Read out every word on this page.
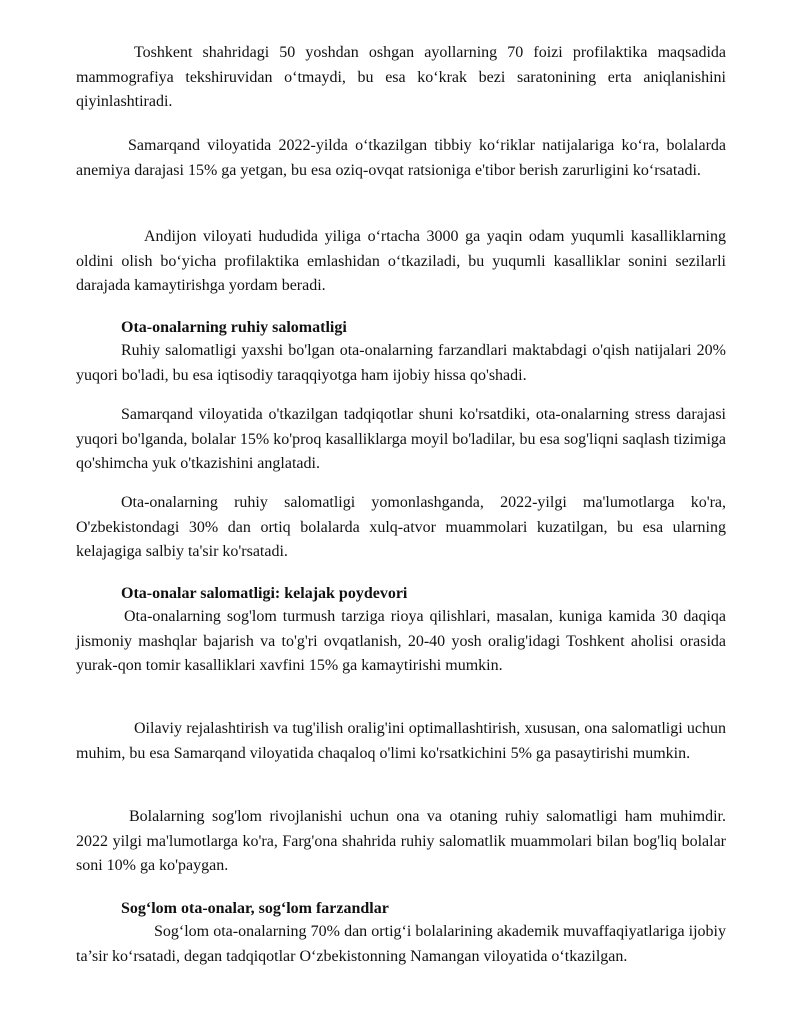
Toshkent shahridagi 50 yoshdan oshgan ayollarning 70 foizi profilaktika maqsadida mammografiya tekshiruvidan o‘tmaydi, bu esa ko‘krak bezi saratonining erta aniqlanishini qiyinlashtiradi.

Samarqand viloyatida 2022-yilda o‘tkazilgan tibbiy ko‘riklar natijalariga ko‘ra, bolalarda anemiya darajasi 15% ga yetgan, bu esa oziq-ovqat ratsioniga e'tibor berish zarurligini ko‘rsatadi.

Andijon viloyati hududida yiliga o‘rtacha 3000 ga yaqin odam yuqumli kasalliklarning oldini olish bo‘yicha profilaktika emlashidan o‘tkaziladi, bu yuqumli kasalliklar sonini sezilarli darajada kamaytirishga yordam beradi.

Ota-onalarning ruhiy salomatligi

Ruhiy salomatligi yaxshi bo'lgan ota-onalarning farzandlari maktabdagi o'qish natijalari 20% yuqori bo'ladi, bu esa iqtisodiy taraqqiyotga ham ijobiy hissa qo'shadi.

Samarqand viloyatida o'tkazilgan tadqiqotlar shuni ko'rsatdiki, ota-onalarning stress darajasi yuqori bo'lganda, bolalar 15% ko'proq kasalliklarga moyil bo'ladilar, bu esa sog'liqni saqlash tizimiga qo'shimcha yuk o'tkazishini anglatadi.

Ota-onalarning ruhiy salomatligi yomonlashganda, 2022-yilgi ma'lumotlarga ko'ra, O'zbekistondagi 30% dan ortiq bolalarda xulq-atvor muammolari kuzatilgan, bu esa ularning kelajagiga salbiy ta'sir ko'rsatadi.

Ota-onalar salomatligi: kelajak poydevori

Ota-onalarning sog'lom turmush tarziga rioya qilishlari, masalan, kuniga kamida 30 daqiqa jismoniy mashqlar bajarish va to'g'ri ovqatlanish, 20-40 yosh oralig'idagi Toshkent aholisi orasida yurak-qon tomir kasalliklari xavfini 15% ga kamaytirishi mumkin.

Oilaviy rejalashtirish va tug'ilish oralig'ini optimallashtirish, xususan, ona salomatligi uchun muhim, bu esa Samarqand viloyatida chaqaloq o'limi ko'rsatkichini 5% ga pasaytirishi mumkin.

Bolalarning sog'lom rivojlanishi uchun ona va otaning ruhiy salomatligi ham muhimdir. 2022 yilgi ma'lumotlarga ko'ra, Farg'ona shahrida ruhiy salomatlik muammolari bilan bog'liq bolalar soni 10% ga ko'paygan.

Sog‘lom ota-onalar, sog‘lom farzandlar

Sog‘lom ota-onalarning 70% dan ortig‘i bolalarining akademik muvaffaqiyatlariga ijobiy ta’sir ko‘rsatadi, degan tadqiqotlar O‘zbekistonning Namangan viloyatida o‘tkazilgan.
